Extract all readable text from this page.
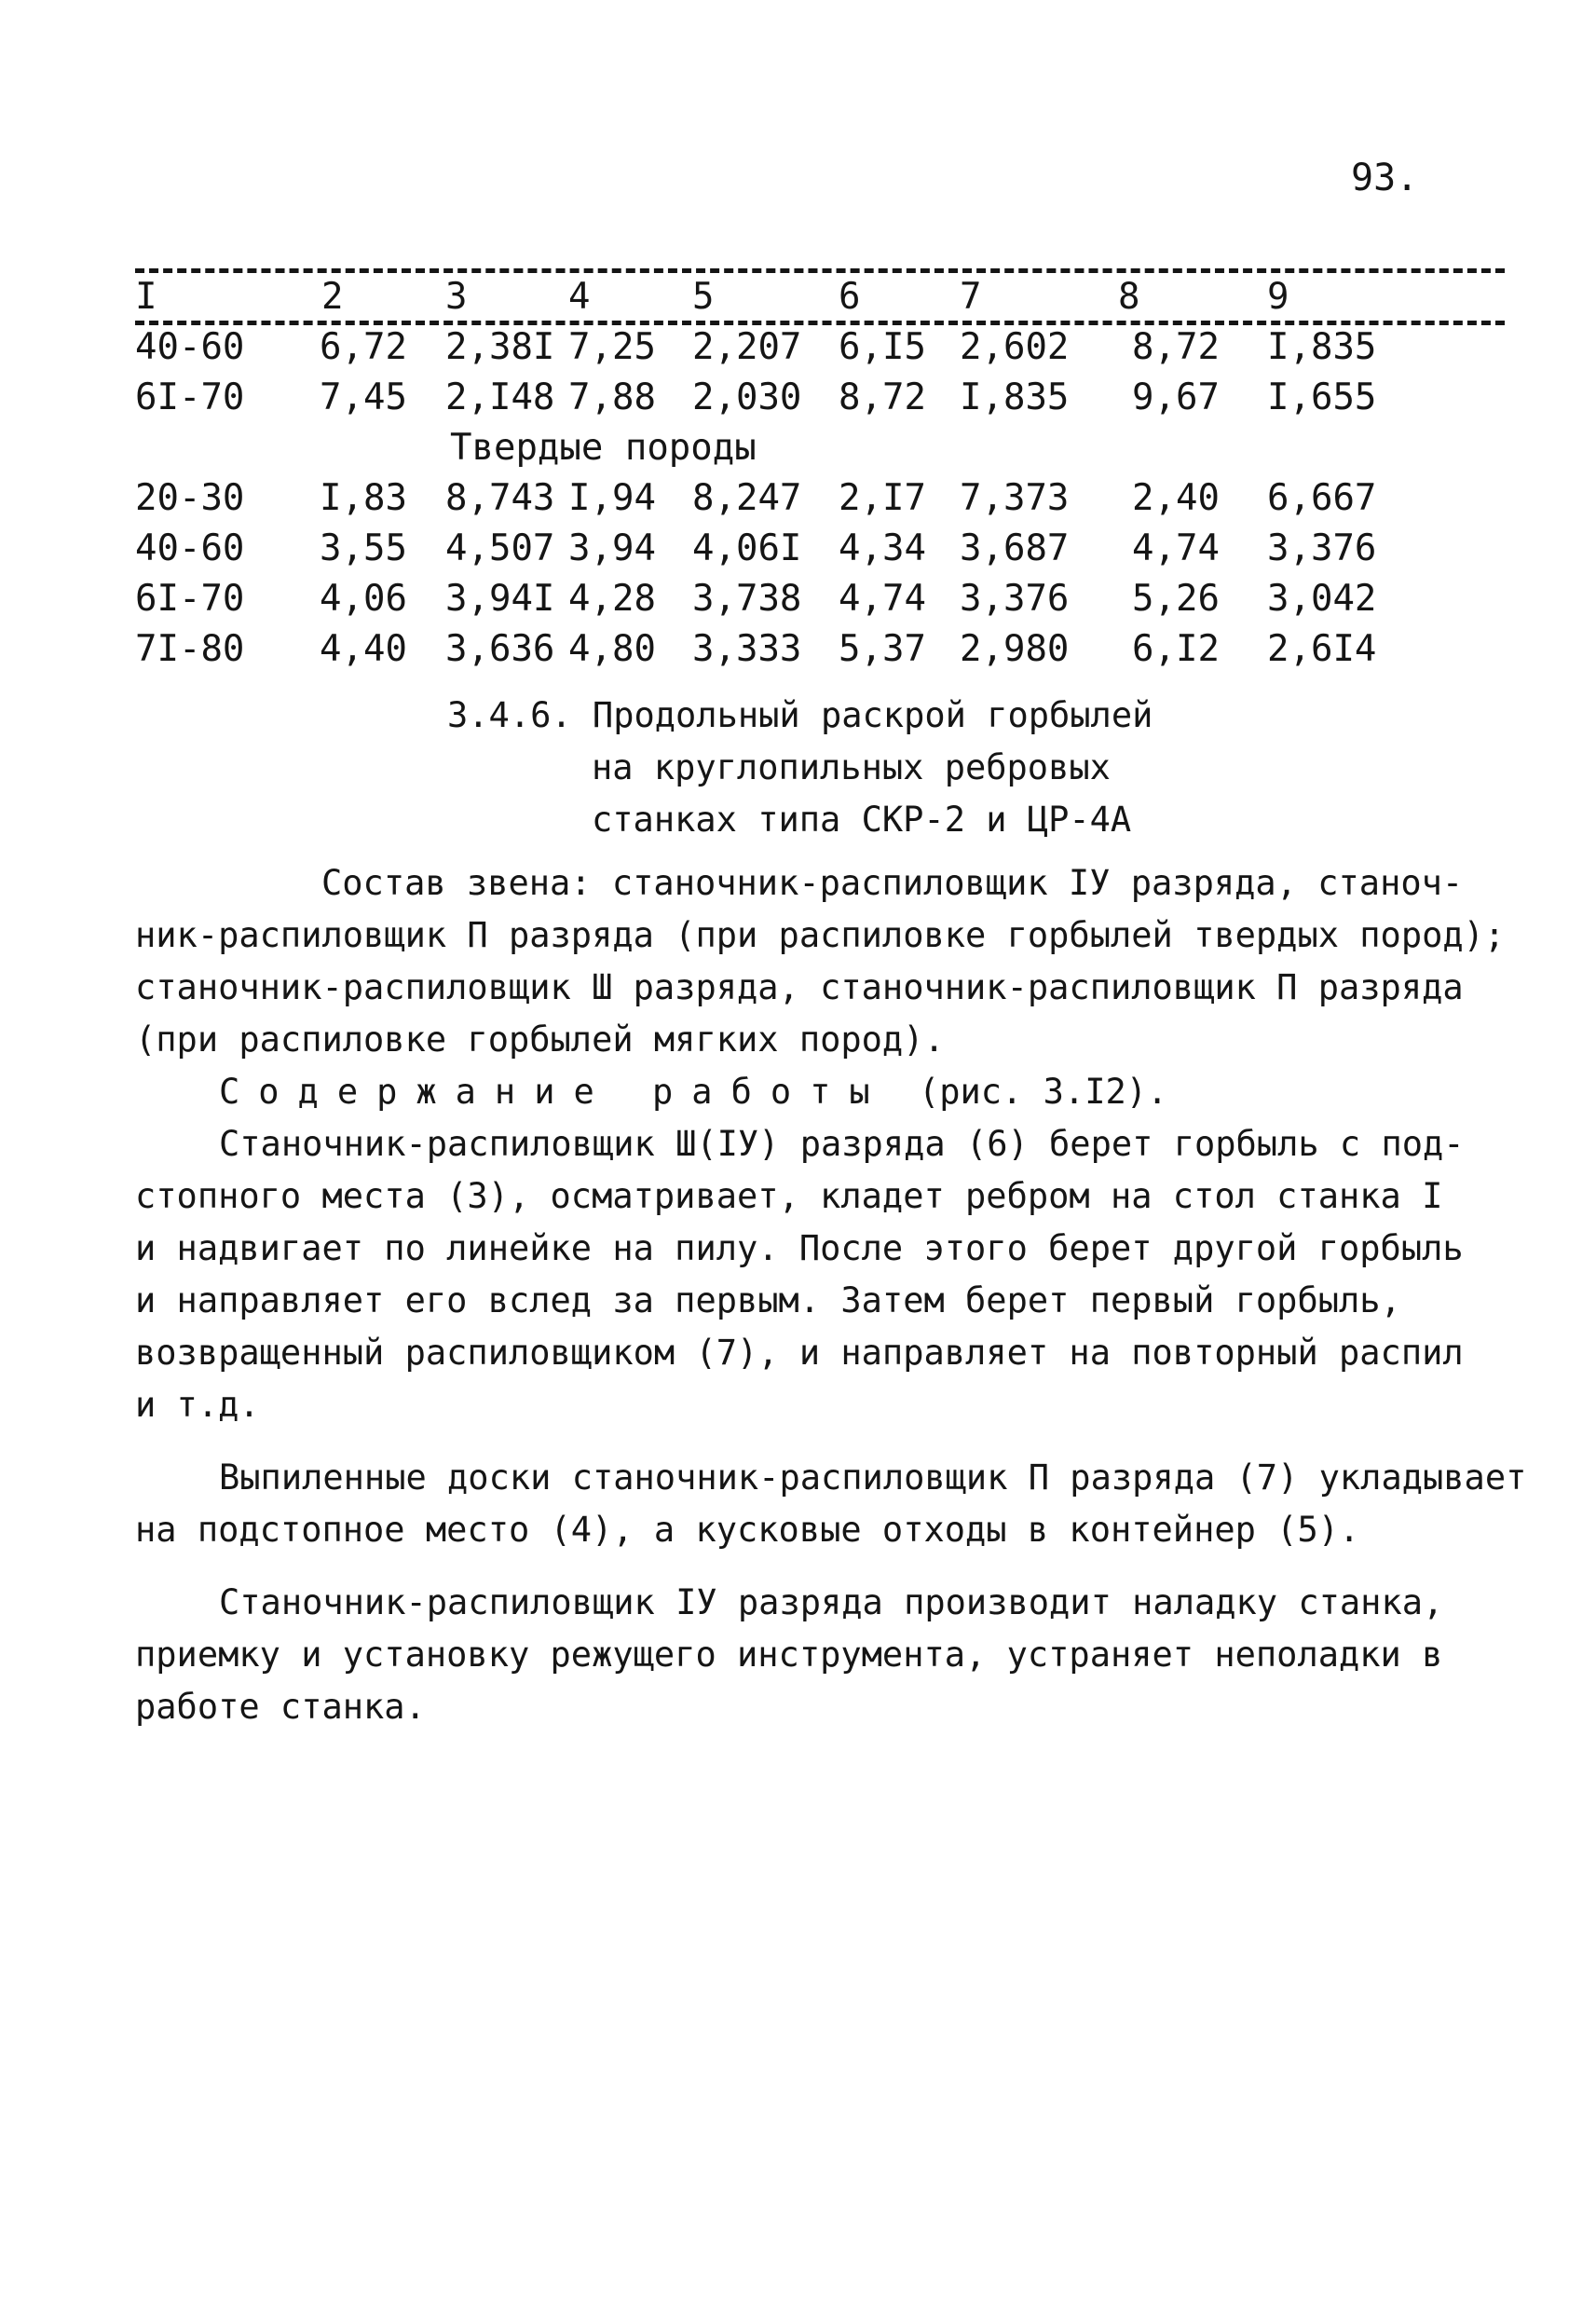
93.
I	2	3	4	5	6	7	8	9
40-60 6,72 2,38I 7,25 2,207 6,I5 2,602 8,72 I,835
6I-70 7,45 2,I48 7,88 2,030 8,72 I,835 9,67 I,655
Твердые породы
20-30 I,83 8,743 I,94 8,247 2,I7 7,373 2,40 6,667
40-60 3,55 4,507 3,94 4,06I 4,34 3,687 4,74 3,376
6I-70 4,06 3,94I 4,28 3,738 4,74 3,376 5,26 3,042
7I-80 4,40 3,636 4,80 3,333 5,37 2,980 6,I2 2,6I4
3.4.6. Продольный раскрой горбылей
на круглопильных ребровых
станках типа СКР-2 и ЦР-4А

Состав звена: станочник-распиловщик IУ разряда, станоч-

ник-распиловщик П разряда (при распиловке горбылей твердых пород);

станочник-распиловщик Ш разряда, станочник-распиловщик П разряда

(при распиловке горбылей мягких пород).

Содержание работы (рис. 3.I2).

Станочник-распиловщик Ш(IУ) разряда (6) берет горбыль с под-

стопного места (3), осматривает, кладет ребром на стол станка I

и надвигает по линейке на пилу. После этого берет другой горбыль

и направляет его вслед за первым. Затем берет первый горбыль,

возвращенный распиловщиком (7), и направляет на повторный распил

и т.д.

Выпиленные доски станочник-распиловщик П разряда (7) укладывает

на подстопное место (4), а кусковые отходы в контейнер (5).

Станочник-распиловщик IУ разряда производит наладку станка,

приемку и установку режущего инструмента, устраняет неполадки в

работе станка.
